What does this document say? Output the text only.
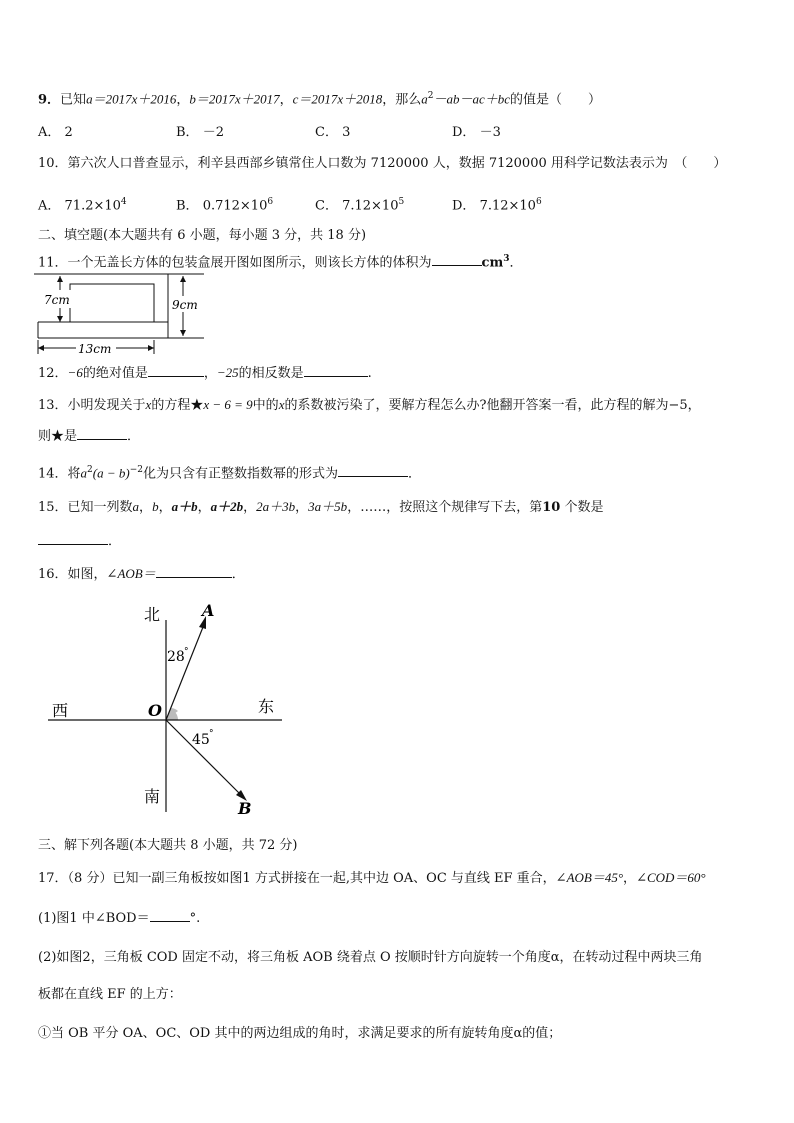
9．已知a＝2017x＋2016，b＝2017x＋2017，c＝2017x＋2018，那么$a^2-ab-ac+bc$的值是（　　）
A． 2	B． －2	C． 3	D． －3
10．第六次人口普查显示，利辛县西部乡镇常住人口数为 7120000 人，数据 7120000 用科学记数法表示为　（　　）
A． $71.2\times 10^4$	B． $0.712\times 10^6$	C． $7.12\times 10^5$	D． $7.12\times 10^6$
二、填空题(本大题共有 6 小题，每小题 3 分，共 18 分)
11．一个无盖长方体的包装盒展开图如图所示，则该长方体的体积为	$cm^3$．
7cm	9cm
13cm
12．−6的绝对值是	，−25的相反数是	.
13．小明发现关于x的方程★x − 6 = 9中的x的系数被污染了，要解方程怎么办?他翻开答案一看，此方程的解为−5，
则★是	．
14．将$a^2(a - b)^{-2}$化为只含有正整数指数幂的形式为	．
15．已知一列数a，b，a＋b，a＋2b，2a＋3b，3a＋5b，……，按照这个规律写下去，第10 个数是
．
16．如图，∠AOB＝	．
北
南
西	东
O
A
B
28 °
45 °
三、解下列各题(本大题共 8 小题，共 72 分)
17．（8 分）已知一副三角板按如图1 方式拼接在一起,其中边 OA、OC 与直线 EF 重合，∠AOB＝45°，∠COD＝60°
(1)图1 中∠BOD＝	°.
(2)如图2，三角板 COD 固定不动，将三角板 AOB 绕着点 O 按顺时针方向旋转一个角度α，在转动过程中两块三角
板都在直线 EF 的上方：
①当 OB 平分 OA、OC、OD 其中的两边组成的角时，求满足要求的所有旋转角度α的值；
